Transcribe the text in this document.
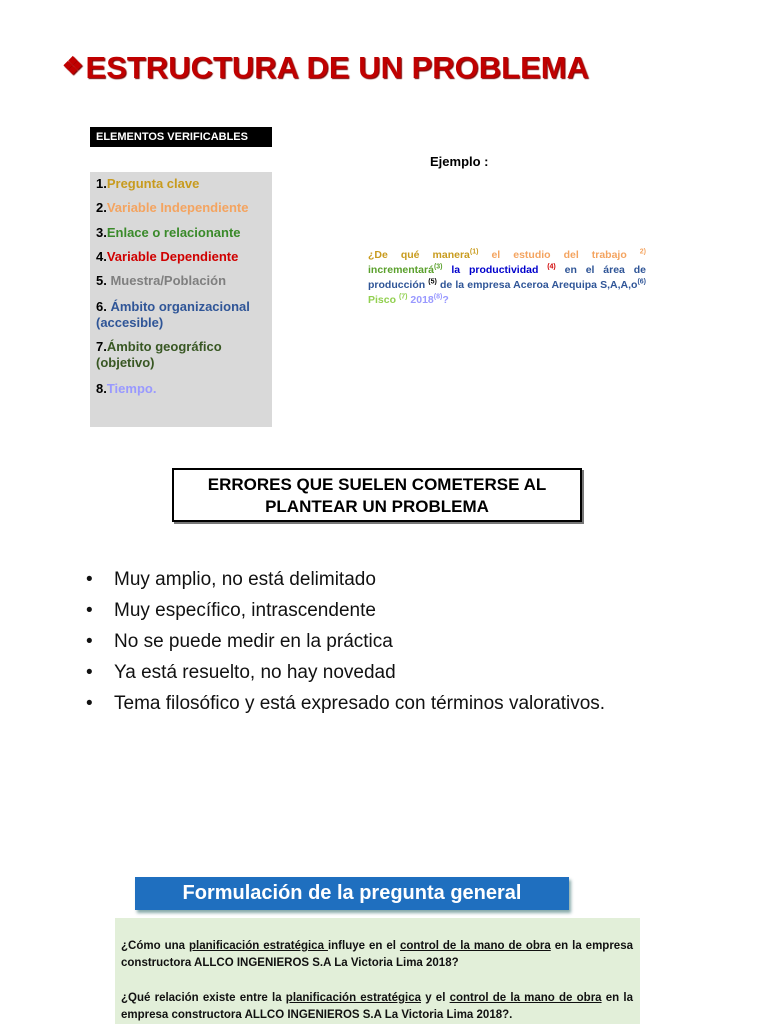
❖ESTRUCTURA DE UN PROBLEMA
ELEMENTOS VERIFICABLES
1.Pregunta clave
2.Variable Independiente
3.Enlace o relacionante
4.Variable Dependiente
5. Muestra/Población
6. Ámbito organizacional (accesible)
7.Ámbito geográfico (objetivo)
8.Tiempo.
Ejemplo :
¿De qué manera$^{(1)}$ el estudio del trabajo $^{2)}$ incrementará$^{(3)}$ la productividad $^{(4)}$ en el área de producción $^{(5)}$ de la empresa Aceroa Arequipa $S,A,A,o^{(6)}$ Pisco $^{(7)}$ 2018$^{(8)}$?
ERRORES QUE SUELEN COMETERSE AL
PLANTEAR UN PROBLEMA
• Muy amplio, no está delimitado
• Muy específico, intrascendente
• No se puede medir en la práctica
• Ya está resuelto, no hay novedad
• Tema filosófico y está expresado con términos valorativos.
Formulación de la pregunta general
¿Cómo una planificación estratégica influye en el control de la mano de obra en la empresa constructora ALLCO INGENIEROS S.A La Victoria Lima 2018?
¿Qué relación existe entre la planificación estratégica y el control de la mano de obra en la empresa constructora ALLCO INGENIEROS S.A La Victoria Lima 2018?.
